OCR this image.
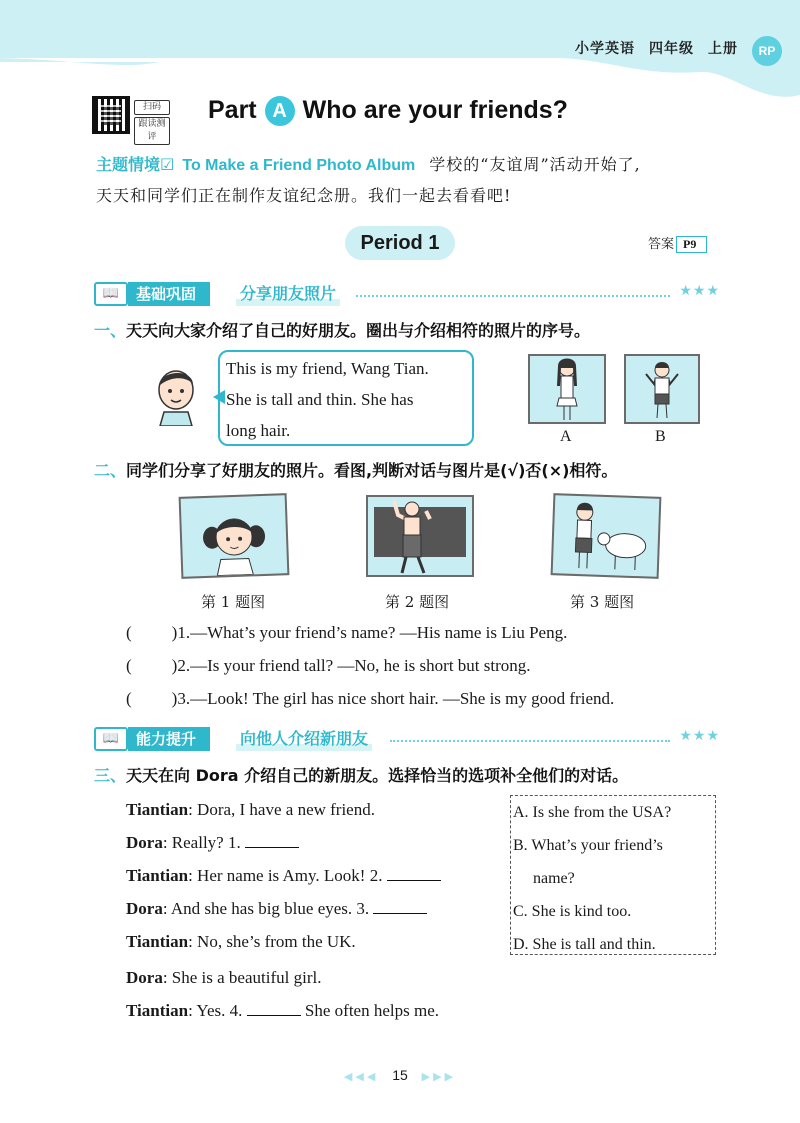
小学英语 四年级 上册	RP
扫码
跟读测评
Part A Who are your friends?
主题情境☑ To Make a Friend Photo Album 学校的“友谊周”活动开始了,
天天和同学们正在制作友谊纪念册。我们一起去看看吧!
Period 1	答案 P9
📖	基础巩固	分享朋友照片	★★★
一、天天向大家介绍了自己的好朋友。圈出与介绍相符的照片的序号。
This is my friend, Wang Tian.
She is tall and thin. She has
long hair.	A	B
二、同学们分享了好朋友的照片。看图,判断对话与图片是(√)否(×)相符。
第 1 题图	第 2 题图	第 3 题图
( )1.—What’s your friend’s name? —His name is Liu Peng.
( )2.—Is your friend tall? —No, he is short but strong.
( )3.—Look! The girl has nice short hair. —She is my good friend.
📖	能力提升	向他人介绍新朋友	★★★
三、天天在向 Dora 介绍自己的新朋友。选择恰当的选项补全他们的对话。
Tiantian: Dora, I have a new friend.
Dora: Really? 1.
Tiantian: Her name is Amy. Look! 2.
Dora: And she has big blue eyes. 3.
Tiantian: No, she’s from the UK.
Dora: She is a beautiful girl.
Tiantian: Yes. 4.	She often helps me.
A. Is she from the USA?
B. What’s your friend’s
name?
C. She is kind too.
D. She is tall and thin.
◀◀◀ 15 ▶▶▶
